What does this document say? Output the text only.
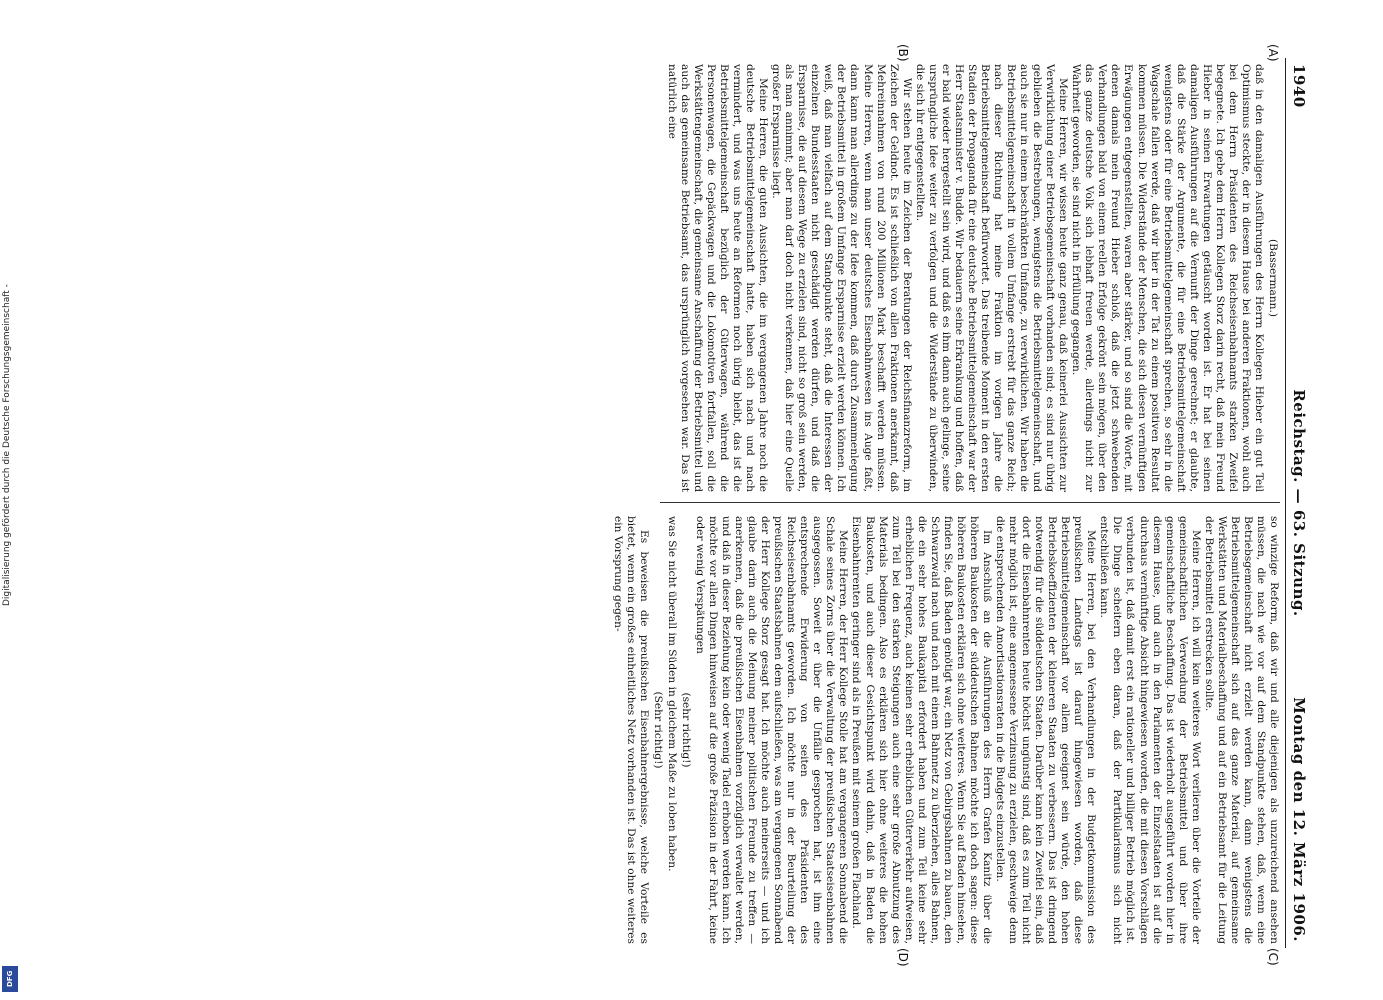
1940
Reichstag. — 63. Sitzung.
Montag den 12. März 1906.
(A)
(B)
(C)
(D)
(Bassermann.)

daß in den damaligen Ausführungen des Herrn Kollegen Hieber ein gut Teil Optimismus steckte, der in diesem Hause bei anderen Fraktionen, wohl auch bei dem Herrn Präsidenten des Reichseisenbahnamts starken Zweifel begegnete. Ich gebe dem Herrn Kollegen Storz darin recht, daß mein Freund Hieber in seinen Erwartungen getäuscht worden ist. Er hat bei seinen damaligen Ausführungen auf die Vernunft der Dinge gerechnet; er glaubte, daß die Stärke der Argumente, die für eine Betriebsmittelgemeinschaft wenigstens oder für eine Betriebsmittelgemeinschaft sprechen, so sehr in die Wagschale fallen werde, daß wir hier in der Tat zu einem positiven Resultat kommen müssen. Die Widerstände der Menschen, die sich diesen vernünftigen Erwägungen entgegenstellten, waren aber stärker, und so sind die Worte, mit denen damals mein Freund Hieber schloß, daß die jetzt schwebenden Verhandlungen bald von einem reellen Erfolge gekrönt sein mögen, über den das ganze deutsche Volk sich lebhaft freuen werde, allerdings nicht zur Wahrheit geworden, sie sind nicht in Erfüllung gegangen.

Meine Herren, wir wissen heute ganz genau, daß keinerlei Aussichten zur Verwirklichung einer Betriebsgemeinschaft vorhanden sind; es sind nur übrig geblieben die Bestrebungen, wenigstens die Betriebsmittelgemeinschaft, und auch sie nur in einem beschränkten Umfange, zu verwirklichen. Wir haben die Betriebsmittelgemeinschaft in vollem Umfange erstrebt für das ganze Reich; nach dieser Richtung hat meine Fraktion im vorigen Jahre die Betriebsmittelgemeinschaft befürwortet. Das treibende Moment in den ersten Stadien der Propaganda für eine deutsche Betriebsmittelgemeinschaft war der Herr Staatsminister v. Budde. Wir bedauern seine Erkrankung und hoffen, daß er bald wieder hergestellt sein wird, und daß es ihm dann auch gelinge, seine ursprüngliche Idee weiter zu verfolgen und die Widerstände zu überwinden, die sich ihr entgegenstellten.

Wir stehen heute im Zeichen der Beratungen der Reichsfinanzreform, im Zeichen der Geldnot. Es ist schließlich von allen Fraktionen anerkannt, daß Mehreinnahmen von rund 200 Millionen Mark beschafft werden müssen. Meine Herren, wenn man unser deutsches Eisenbahnwesen ins Auge faßt, dann kann man allerdings zu der Idee kommen, daß durch Zusammenlegung der Betriebsmittel in großem Umfange Ersparnisse erzielt werden können. Ich weiß, daß man vielfach auf dem Standpunkte steht, daß die Interessen der einzelnen Bundesstaaten nicht geschädigt werden dürfen, und daß die Ersparnisse, die auf diesem Wege zu erzielen sind, nicht so groß sein werden, als man annimmt; aber man darf doch nicht verkennen, daß hier eine Quelle großer Ersparnisse liegt.

Meine Herren, die guten Aussichten, die im vergangenen Jahre noch die deutsche Betriebsmittelgemeinschaft hatte, haben sich nach und nach vermindert, und was uns heute an Reformen noch übrig bleibt, das ist die Betriebsmittelgemeinschaft bezüglich der Güterwagen, während die Personenwagen, die Gepäckwagen und die Lokomotiven fortfallen, soll die Werkstättengemeinschaft, die gemeinsame Anschaffung der Betriebsmittel und auch das gemeinsame Betriebsamt, das ursprünglich vorgesehen war. Das ist natürlich eine

so winzige Reform, daß wir und alle diejenigen als unzureichend ansehen müssen, die nach wie vor auf dem Standpunkte stehen, daß, wenn eine Betriebsgemeinschaft nicht erzielt werden kann, dann wenigstens die Betriebsmittelgemeinschaft sich auf das ganze Material, auf gemeinsame Werkstätten und Materialbeschaffung und auf ein Betriebsamt für die Leitung der Betriebsmittel erstrecken sollte.

Meine Herren, ich will kein weiteres Wort verlieren über die Vorteile der gemeinschaftlichen Verwendung der Betriebsmittel und über ihre gemeinschaftliche Beschaffung. Das ist wiederholt ausgeführt worden hier in diesem Hause, und auch in den Parlamenten der Einzelstaaten ist auf die durchaus vernünftige Absicht hingewiesen worden, die mit diesen Vorschlägen verbunden ist, daß damit erst ein rationeller und billiger Betrieb möglich ist. Die Dinge scheitern eben daran, daß der Partikularismus sich nicht entschließen kann.

Meine Herren, bei den Verhandlungen in der Budgetkommission des preußischen Landtags ist darauf hingewiesen worden, daß diese Betriebsmittelgemeinschaft vor allem geeignet sein würde, den hohen Betriebskoeffizienten der kleineren Staaten zu verbessern. Das ist dringend notwendig für die süddeutschen Staaten. Darüber kann kein Zweifel sein, daß dort die Eisenbahnrenten heute höchst ungünstig sind, daß es zum Teil nicht mehr möglich ist, eine angemessene Verzinsung zu erzielen, geschweige denn die entsprechenden Amortisationsraten in die Budgets einzustellen.

Im Anschluß an die Ausführungen des Herrn Grafen Kanitz über die höheren Baukosten der süddeutschen Bahnen möchte ich doch sagen: diese höheren Baukosten erklären sich ohne weiteres. Wenn Sie auf Baden hinsehen, finden Sie, daß Baden genötigt war, ein Netz von Gebirgsbahnen zu bauen, den Schwarzwald nach und nach mit einem Bahnnetz zu überziehen, alles Bahnen, die ein sehr hohes Baukapital erfordert haben und zum Teil keine sehr erheblichen Frequenz, auch keinen sehr erheblichen Güterverkehr aufweisen, zum Teil bei den starken Steigungen auch eine sehr große Abnutzung des Materials bedingen. Also es erklären sich hier ohne weiteres die hohen Baukosten, und auch dieser Gesichtspunkt wird dahin, daß in Baden die Eisenbahnrenten geringer sind als in Preußen mit seinem großen Flachland.

Meine Herren, der Herr Kollege Stolle hat am vergangenen Sonnabend die Schale seines Zorns über die Verwaltung der preußischen Staatseisenbahnen ausgegossen. Soweit er über die Unfälle gesprochen hat, ist ihm eine entsprechende Erwiderung von seiten des Präsidenten des Reichseisenbahnamts geworden. Ich möchte nur in der Beurteilung der preußischen Staatsbahnen dem aufschließen, was am vergangenen Sonnabend der Herr Kollege Storz gesagt hat. Ich möchte auch meinerseits — und ich glaube darin auch die Meinung meiner politischen Freunde zu treffen — anerkennen, daß die preußischen Eisenbahnen vorzüglich verwaltet werden, und daß in dieser Beziehung kein oder wenig Tadel erhoben werden kann. Ich möchte vor allen Dingen hinweisen auf die große Präzision in der Fahrt, keine oder wenig Verspätungen

(sehr richtig!)

was Sie nicht überall im Süden in gleichem Maße zu loben haben.

(Sehr richtig!)

Es beweisen die preußischen Eisenbahnergebnisse, welche Vorteile es bietet, wenn ein großes einheitliches Netz vorhanden ist. Das ist ohne weiteres ein Vorsprung gegen-

Digitalisierung gefördert durch die Deutsche Forschungsgemeinschaft -
DFG
